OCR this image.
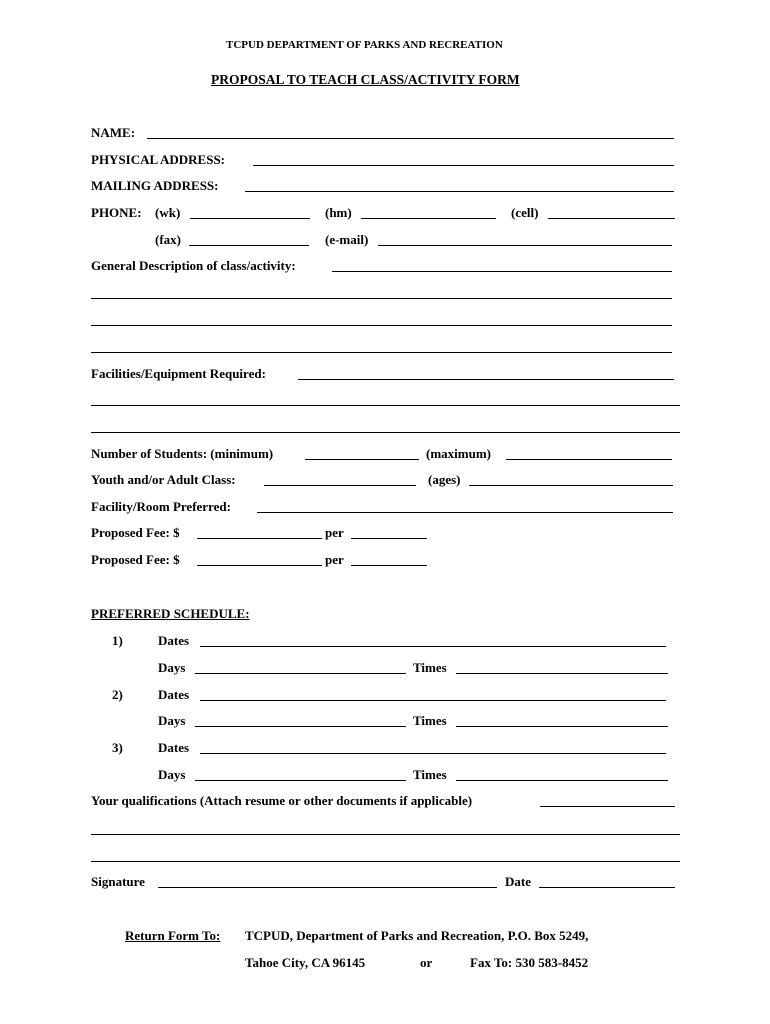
TCPUD DEPARTMENT OF PARKS AND RECREATION
PROPOSAL TO TEACH CLASS/ACTIVITY FORM
NAME:
PHYSICAL ADDRESS:
MAILING ADDRESS:
PHONE: (wk)	(hm)	(cell)
(fax)	(e-mail)
General Description of class/activity:
Facilities/Equipment Required:
Number of Students: (minimum)	(maximum)
Youth and/or Adult Class:	(ages)
Facility/Room Preferred:
Proposed Fee: $	per
Proposed Fee: $	per
PREFERRED SCHEDULE:
1)	Dates
Days	Times
2)	Dates
Days	Times
3)	Dates
Days	Times
Your qualifications (Attach resume or other documents if applicable)
Signature	Date
Return Form To: TCPUD, Department of Parks and Recreation, P.O. Box 5249,
Tahoe City, CA 96145	or	Fax To: 530 583-8452
